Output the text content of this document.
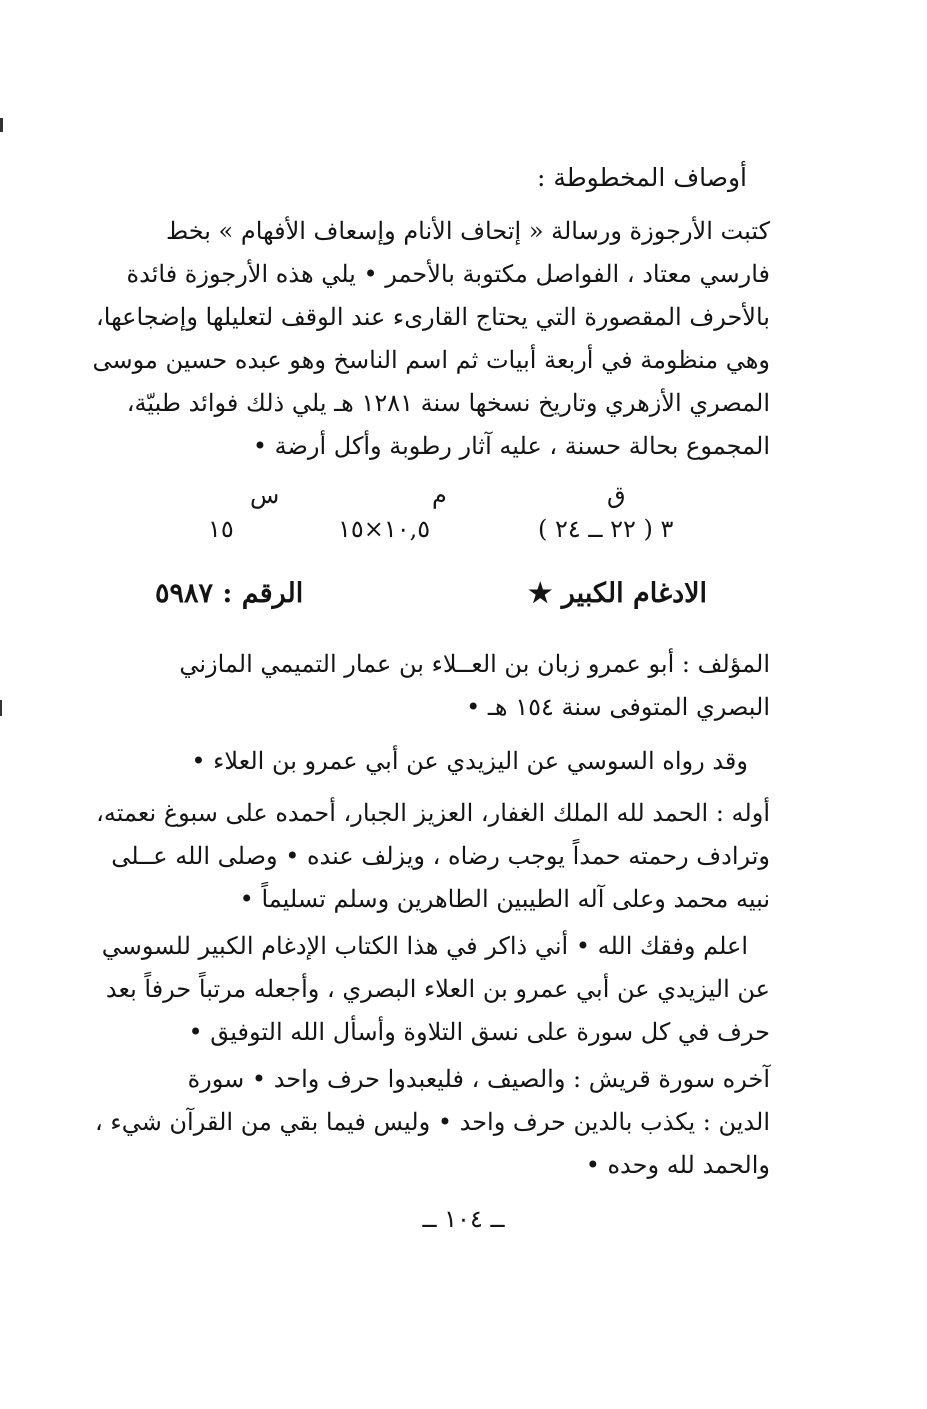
أوصاف المخطوطة :
كتبت الأرجوزة ورسالة « إتحاف الأنام وإسعاف الأفهام » بخط
فارسي معتاد ، الفواصل مكتوبة بالأحمر • يلي هذه الأرجوزة فائدة
بالأحرف المقصورة التي يحتاج القارىء عند الوقف لتعليلها وإضجاعها،
وهي منظومة في أربعة أبيات ثم اسم الناسخ وهو عبده حسين موسى
المصري الأزهري وتاريخ نسخها سنة ١٢٨١ هـ يلي ذلك فوائد طبيّة،
المجموع بحالة حسنة ، عليه آثار رطوبة وأكل أرضة •
ق
م
س
٣ ( ٢٢ ــ ٢٤ )
١٠,٥×١٥
١٥
الادغام الكبير ★
الرقم : ٥٩٨٧
المؤلف : أبو عمرو زبان بن العــلاء بن عمار التميمي المازني
البصري المتوفى سنة ١٥٤ هـ •
وقد رواه السوسي عن اليزيدي عن أبي عمرو بن العلاء •
أوله : الحمد لله الملك الغفار، العزيز الجبار، أحمده على سبوغ نعمته،
وترادف رحمته حمداً يوجب رضاه ، ويزلف عنده • وصلى الله عــلى
نبيه محمد وعلى آله الطيبين الطاهرين وسلم تسليماً •
اعلم وفقك الله • أني ذاكر في هذا الكتاب الإدغام الكبير للسوسي
عن اليزيدي عن أبي عمرو بن العلاء البصري ، وأجعله مرتباً حرفاً بعد
حرف في كل سورة على نسق التلاوة وأسأل الله التوفيق •
آخره سورة قريش : والصيف ، فليعبدوا حرف واحد • سورة
الدين : يكذب بالدين حرف واحد • وليس فيما بقي من القرآن شيء ،
والحمد لله وحده •
ــ ١٠٤ ــ
